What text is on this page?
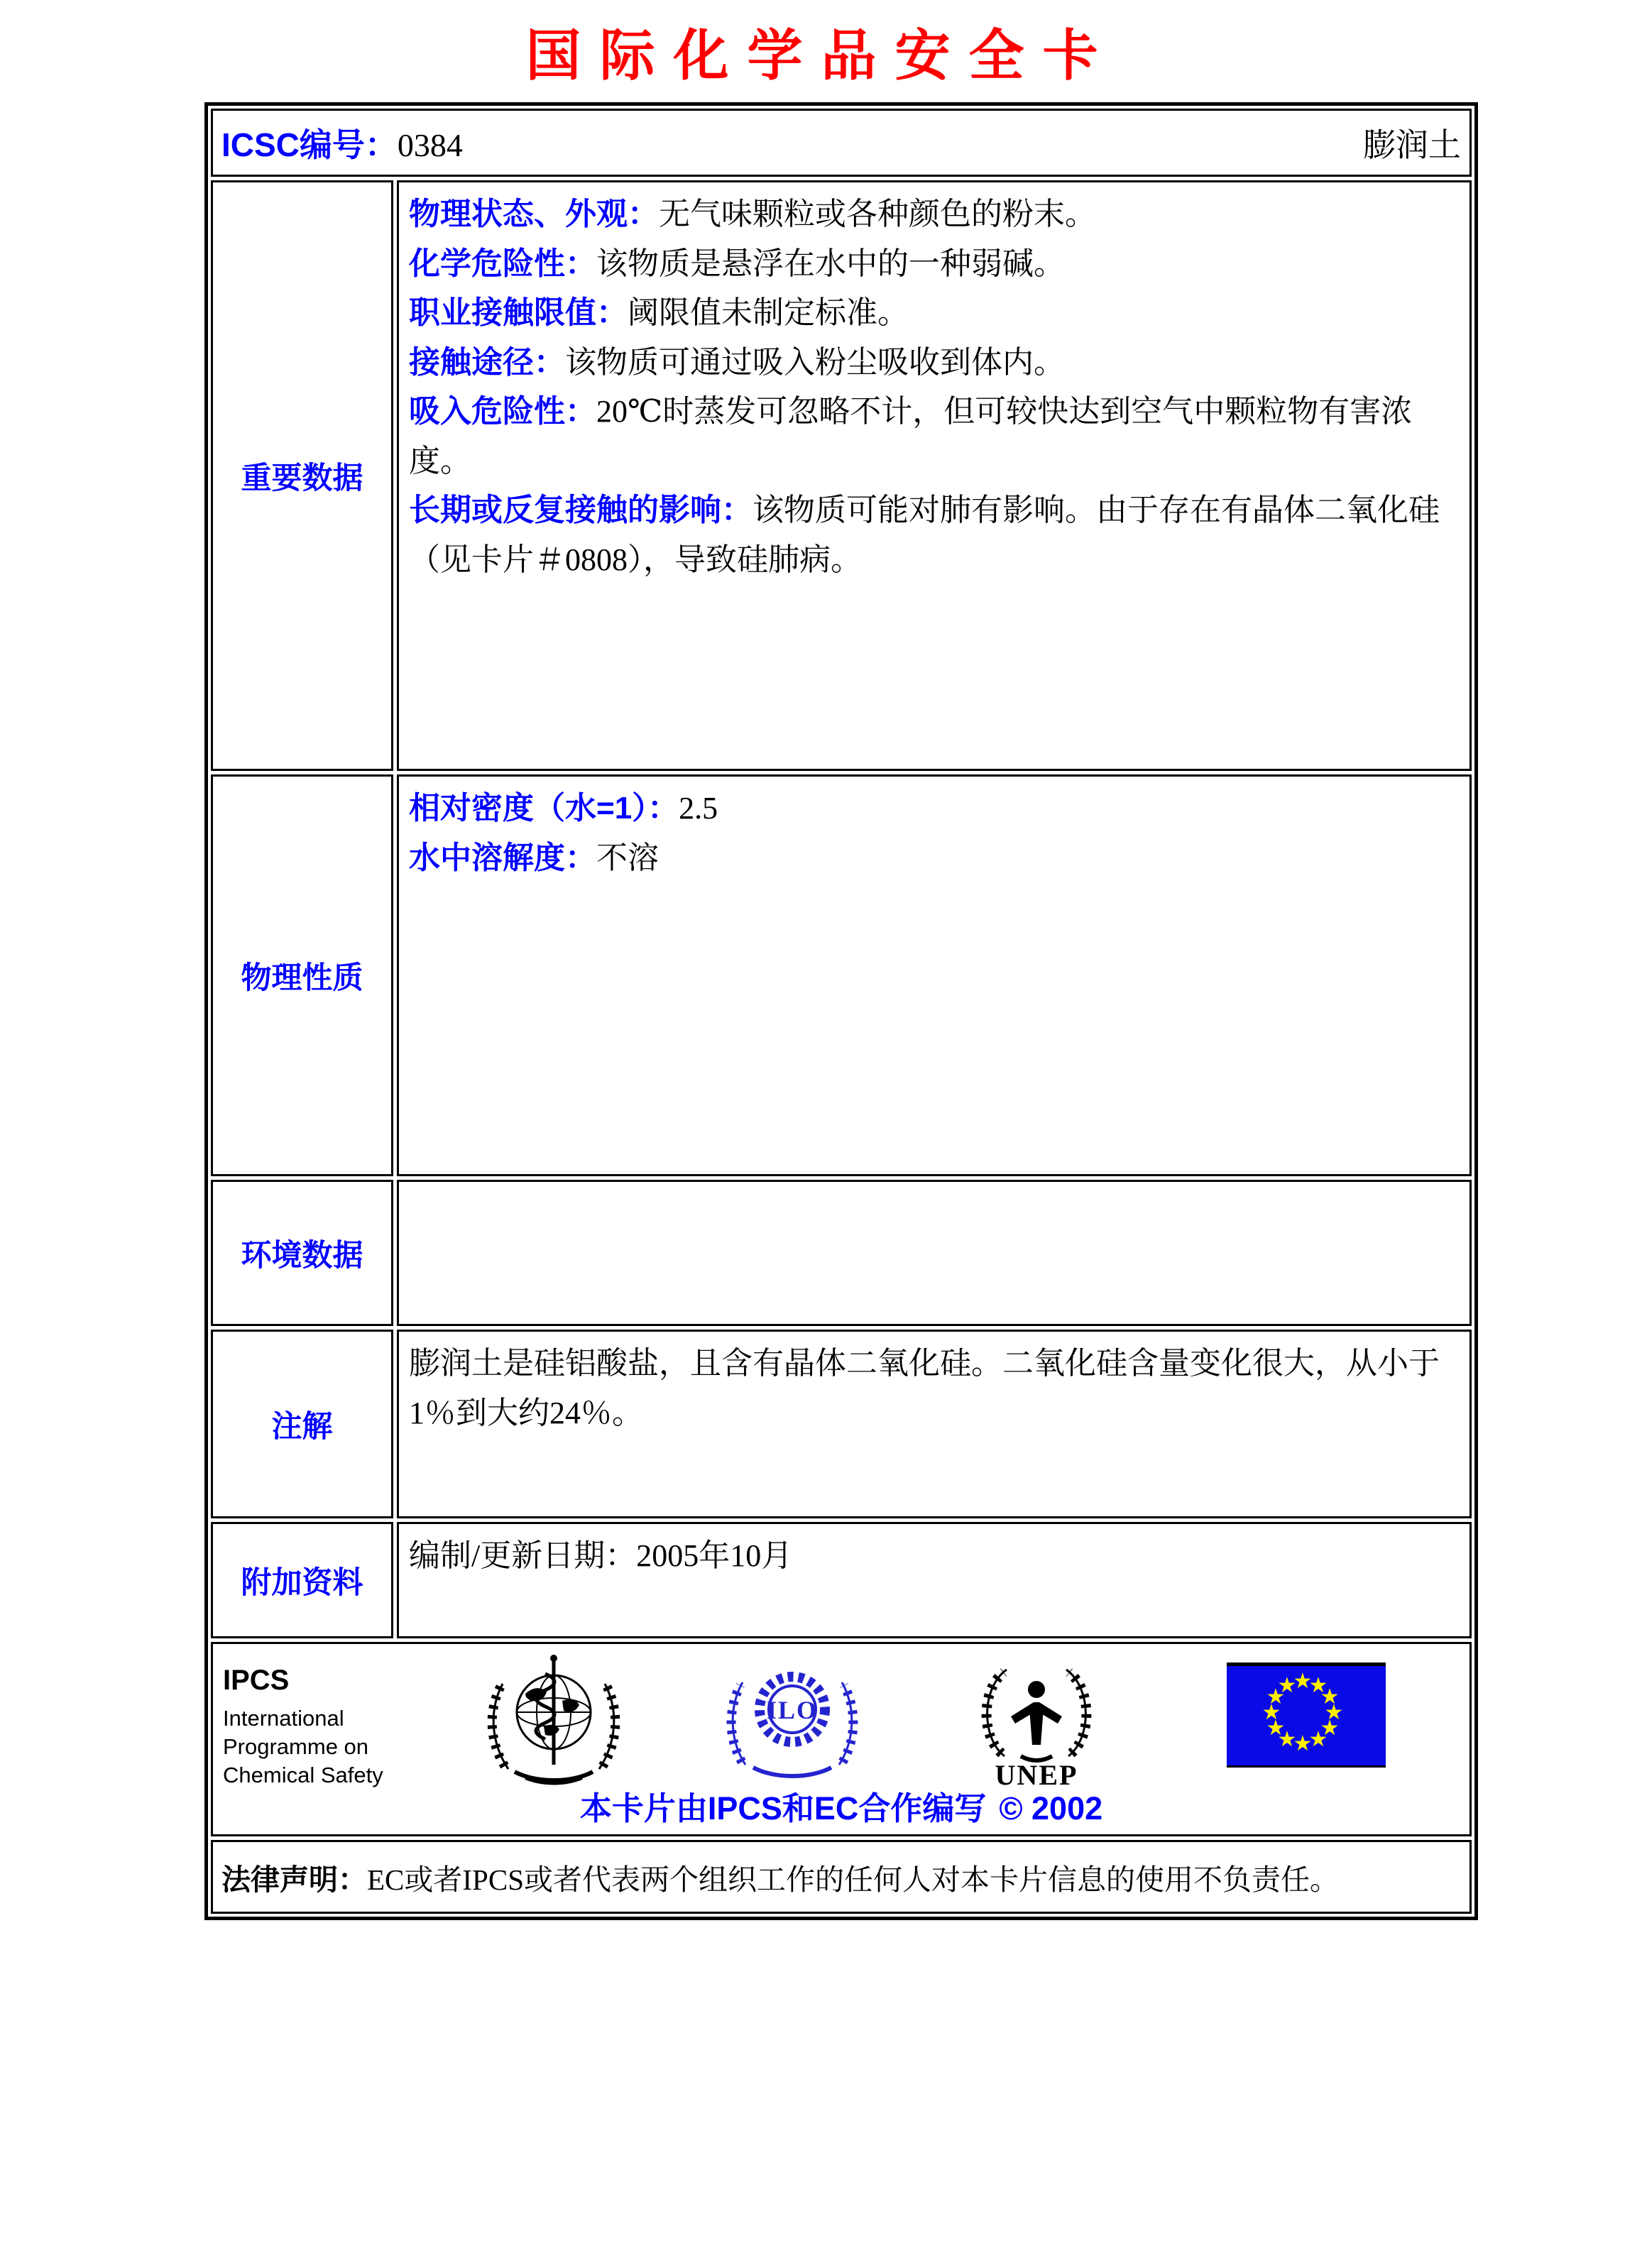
国际化学品安全卡
ICSC编号：0384	膨润土
重要数据

物理状态、外观：无气味颗粒或各种颜色的粉末。

化学危险性：该物质是悬浮在水中的一种弱碱。

职业接触限值：阈限值未制定标准。

接触途径：该物质可通过吸入粉尘吸收到体内。

吸入危险性：20℃时蒸发可忽略不计，但可较快达到空气中颗粒物有害浓度。

长期或反复接触的影响：该物质可能对肺有影响。由于存在有晶体二氧化硅（见卡片＃0808），导致硅肺病。

物理性质

相对密度（水=1）：2.5

水中溶解度：不溶

环境数据
注解
膨润土是硅铝酸盐，且含有晶体二氧化硅。二氧化硅含量变化很大，从小于1％到大约24％。
附加资料
编制/更新日期：2005年10月
IPCS
International
Programme on
Chemical Safety
ILO
UNEP
★
★
★
★
★
★
★
★
★
★
★
★
本卡片由IPCS和EC合作编写 © 2002
法律声明：EC或者IPCS或者代表两个组织工作的任何人对本卡片信息的使用不负责任。
